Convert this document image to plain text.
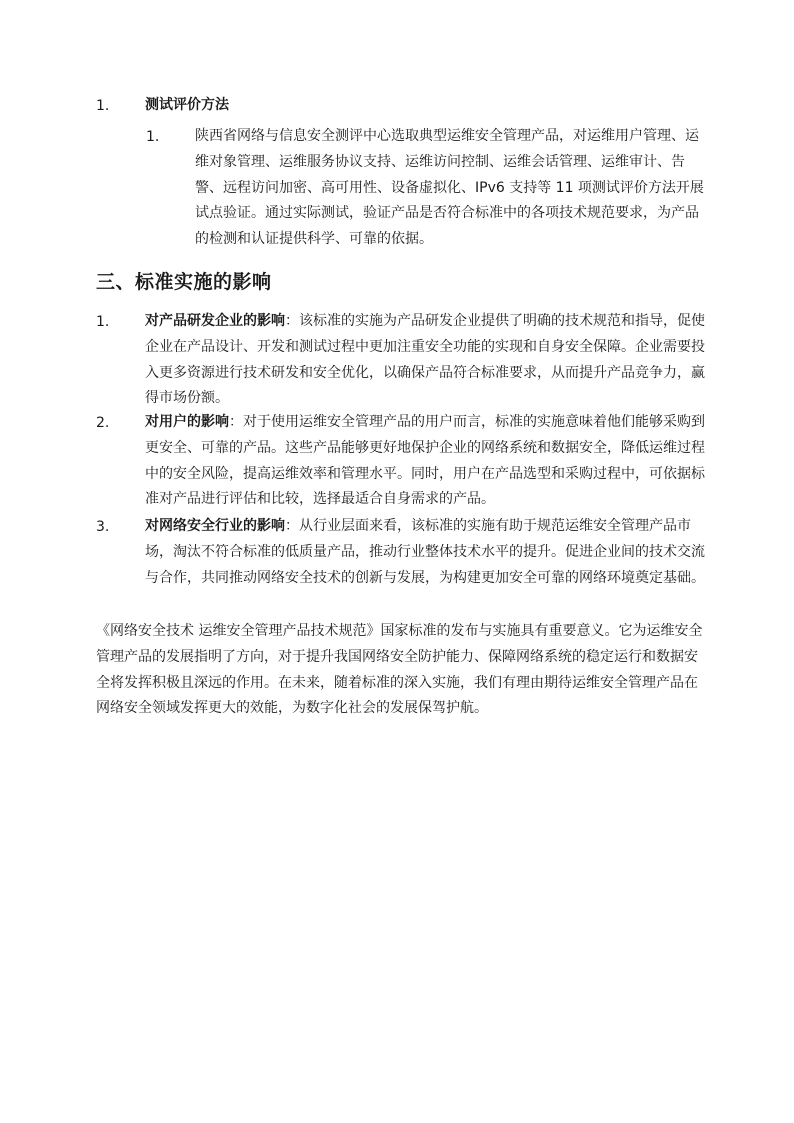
1.	测试评价方法
1.	陕西省网络与信息安全测评中心选取典型运维安全管理产品，对运维用户管理、运维对象管理、运维服务协议支持、运维访问控制、运维会话管理、运维审计、告警、远程访问加密、高可用性、设备虚拟化、IPv6 支持等 11 项测试评价方法开展试点验证。通过实际测试，验证产品是否符合标准中的各项技术规范要求，为产品的检测和认证提供科学、可靠的依据。
三、标准实施的影响
1.	对产品研发企业的影响：该标准的实施为产品研发企业提供了明确的技术规范和指导，促使企业在产品设计、开发和测试过程中更加注重安全功能的实现和自身安全保障。企业需要投入更多资源进行技术研发和安全优化，以确保产品符合标准要求，从而提升产品竞争力，赢得市场份额。
2.	对用户的影响：对于使用运维安全管理产品的用户而言，标准的实施意味着他们能够采购到更安全、可靠的产品。这些产品能够更好地保护企业的网络系统和数据安全，降低运维过程中的安全风险，提高运维效率和管理水平。同时，用户在产品选型和采购过程中，可依据标准对产品进行评估和比较，选择最适合自身需求的产品。
3.	对网络安全行业的影响：从行业层面来看，该标准的实施有助于规范运维安全管理产品市场，淘汰不符合标准的低质量产品，推动行业整体技术水平的提升。促进企业间的技术交流与合作，共同推动网络安全技术的创新与发展，为构建更加安全可靠的网络环境奠定基础。

《网络安全技术 运维安全管理产品技术规范》国家标准的发布与实施具有重要意义。它为运维安全管理产品的发展指明了方向，对于提升我国网络安全防护能力、保障网络系统的稳定运行和数据安全将发挥积极且深远的作用。在未来，随着标准的深入实施，我们有理由期待运维安全管理产品在网络安全领域发挥更大的效能，为数字化社会的发展保驾护航。
